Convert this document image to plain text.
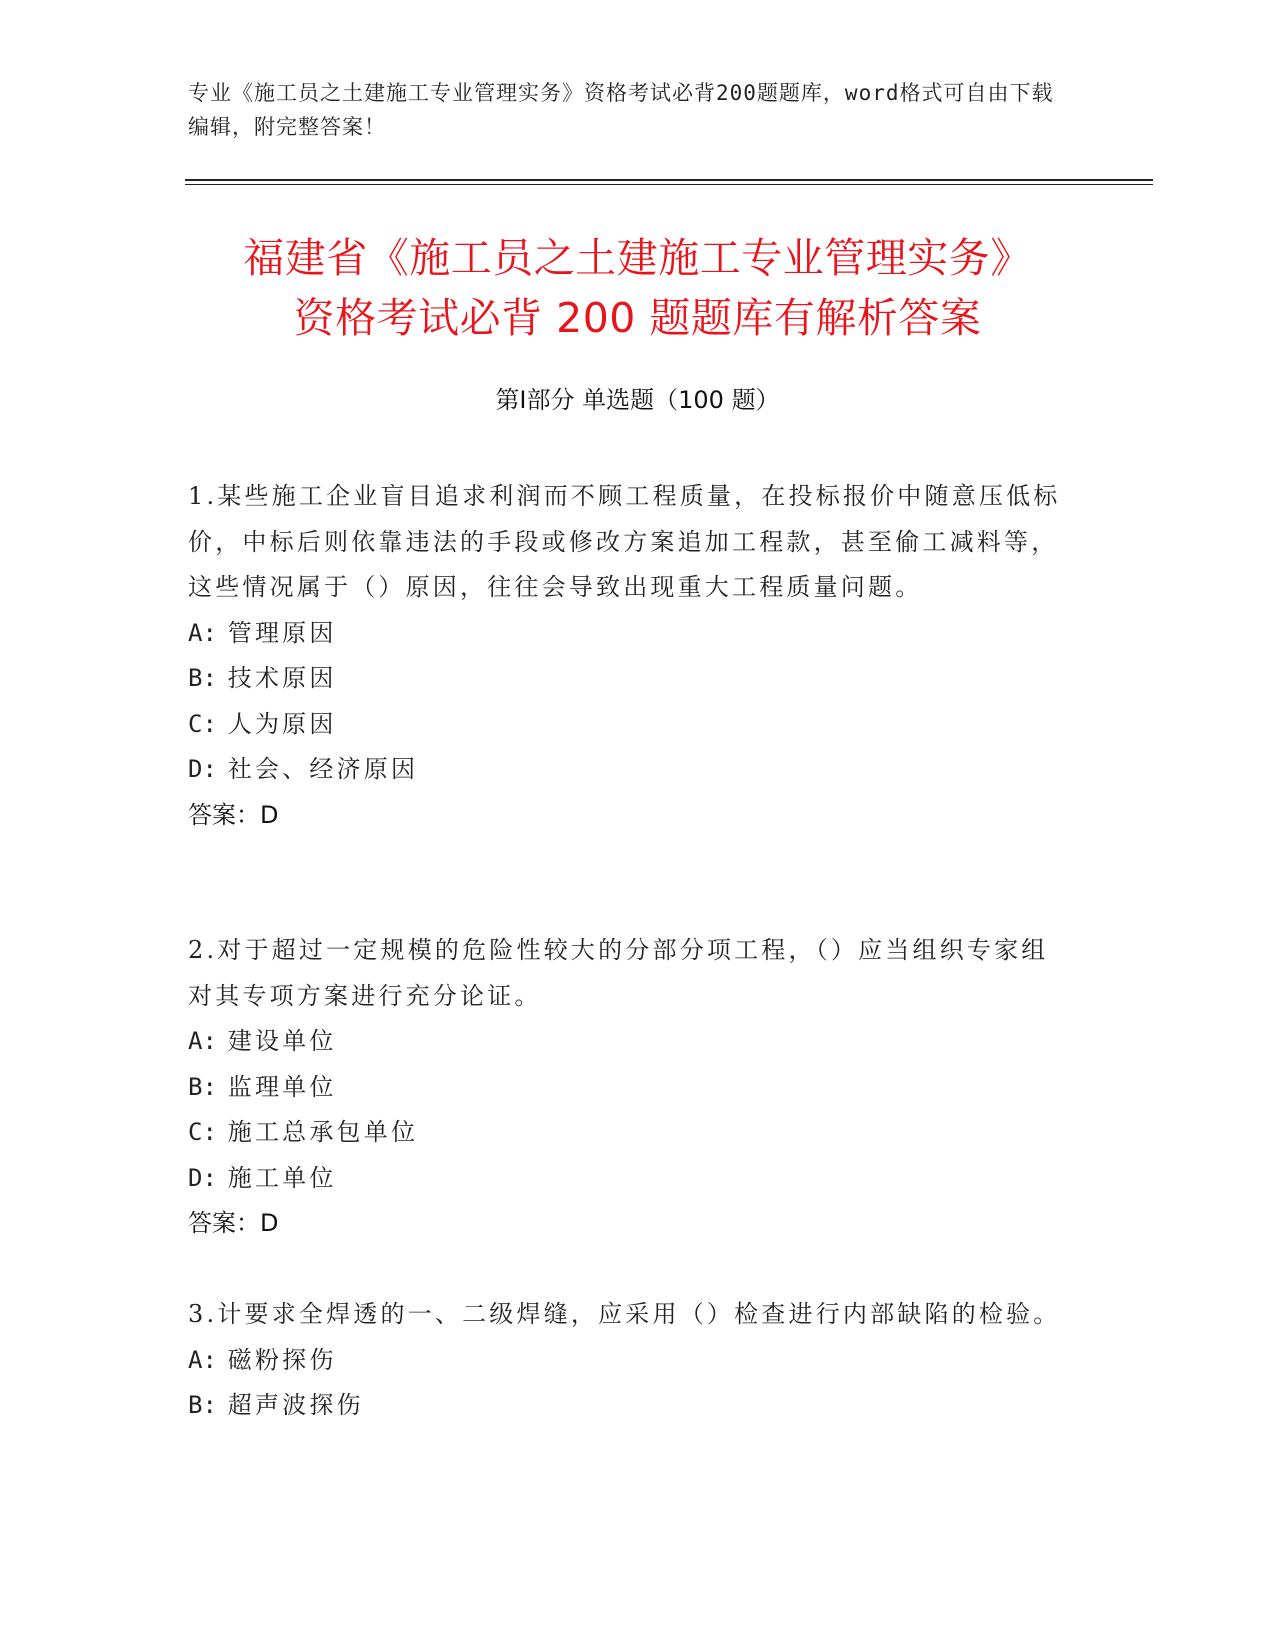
专业《施工员之土建施工专业管理实务》资格考试必背200题题库，word格式可自由下载编辑，附完整答案！
福建省《施工员之土建施工专业管理实务》
资格考试必背 200 题题库有解析答案
第Ⅰ部分 单选题（100 题）
1.某些施工企业盲目追求利润而不顾工程质量，在投标报价中随意压低标价，中标后则依靠违法的手段或修改方案追加工程款，甚至偷工减料等，这些情况属于（）原因，往往会导致出现重大工程质量问题。
A: 管理原因
B: 技术原因
C: 人为原因
D: 社会、经济原因
答案：D
2.对于超过一定规模的危险性较大的分部分项工程，（）应当组织专家组对其专项方案进行充分论证。
A: 建设单位
B: 监理单位
C: 施工总承包单位
D: 施工单位
答案：D
3.计要求全焊透的一、二级焊缝，应采用（）检查进行内部缺陷的检验。
A: 磁粉探伤
B: 超声波探伤
